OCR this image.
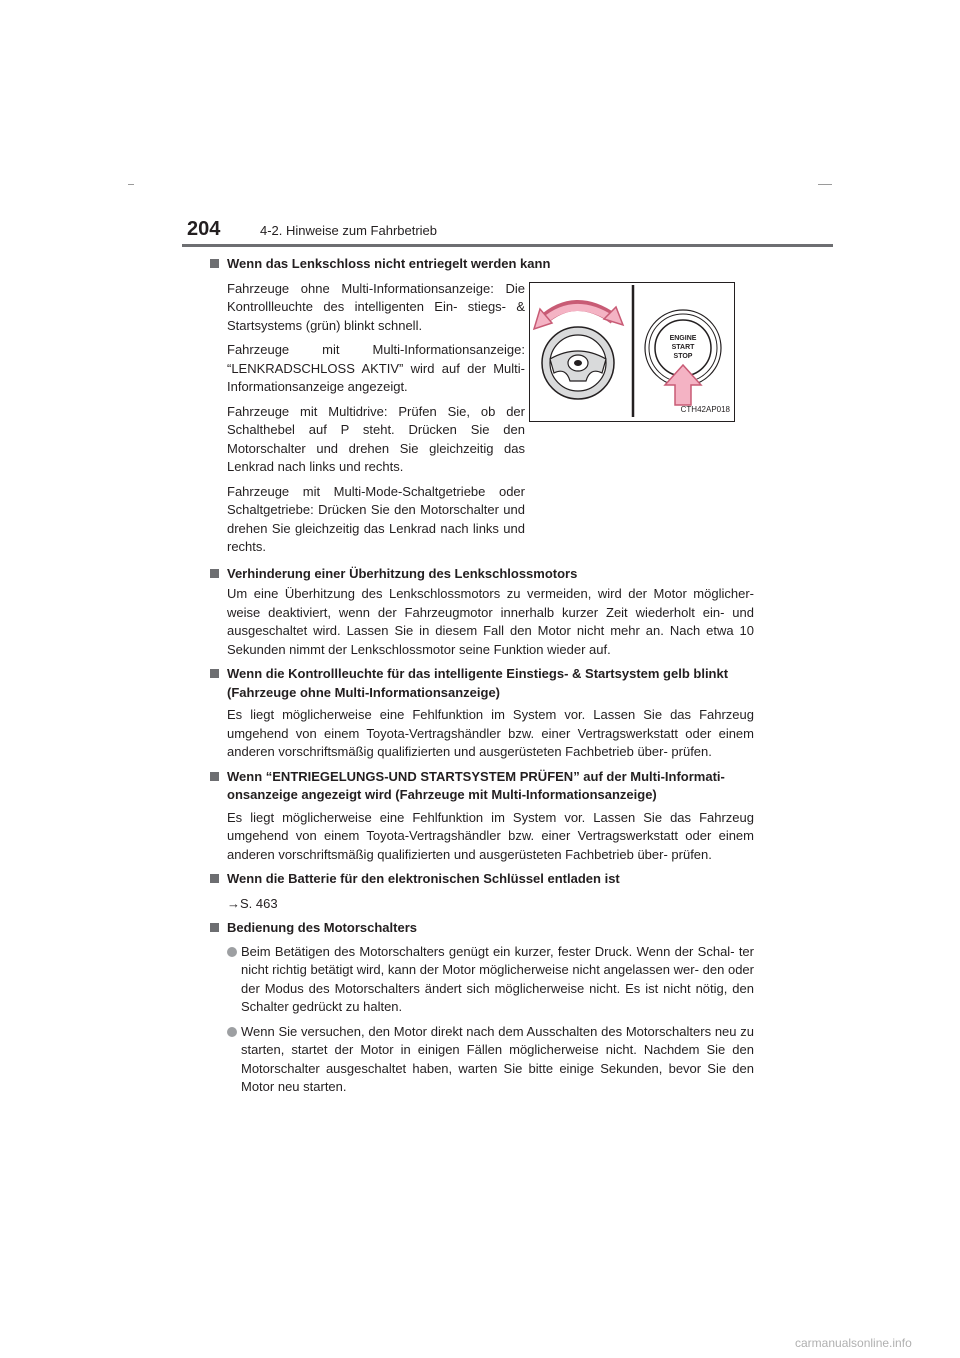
204	4-2. Hinweise zum Fahrbetrieb
Wenn das Lenkschloss nicht entriegelt werden kann

Fahrzeuge ohne Multi-Informationsanzeige: Die Kontrollleuchte des intelligenten Ein- stiegs- & Startsystems (grün) blinkt schnell.

Fahrzeuge mit Multi-Informationsanzeige: “LENKRADSCHLOSS AKTIV” wird auf der Multi-Informationsanzeige angezeigt.

Fahrzeuge mit Multidrive: Prüfen Sie, ob der Schalthebel auf P steht. Drücken Sie den Motorschalter und drehen Sie gleichzeitig das Lenkrad nach links und rechts.

Fahrzeuge mit Multi-Mode-Schaltgetriebe oder Schaltgetriebe: Drücken Sie den Motorschalter und drehen Sie gleichzeitig das Lenkrad nach links und rechts.

ENGINE
START
STOP
CTH42AP018
Verhinderung einer Überhitzung des Lenkschlossmotors

Um eine Überhitzung des Lenkschlossmotors zu vermeiden, wird der Motor möglicher- weise deaktiviert, wenn der Fahrzeugmotor innerhalb kurzer Zeit wiederholt ein- und ausgeschaltet wird. Lassen Sie in diesem Fall den Motor nicht mehr an. Nach etwa 10 Sekunden nimmt der Lenkschlossmotor seine Funktion wieder auf.

Wenn die Kontrollleuchte für das intelligente Einstiegs- & Startsystem gelb blinkt (Fahrzeuge ohne Multi-Informationsanzeige)

Es liegt möglicherweise eine Fehlfunktion im System vor. Lassen Sie das Fahrzeug umgehend von einem Toyota-Vertragshändler bzw. einer Vertragswerkstatt oder einem anderen vorschriftsmäßig qualifizierten und ausgerüsteten Fachbetrieb über- prüfen.

Wenn “ENTRIEGELUNGS-UND STARTSYSTEM PRÜFEN” auf der Multi-Informati- onsanzeige angezeigt wird (Fahrzeuge mit Multi-Informationsanzeige)

Es liegt möglicherweise eine Fehlfunktion im System vor. Lassen Sie das Fahrzeug umgehend von einem Toyota-Vertragshändler bzw. einer Vertragswerkstatt oder einem anderen vorschriftsmäßig qualifizierten und ausgerüsteten Fachbetrieb über- prüfen.

Wenn die Batterie für den elektronischen Schlüssel entladen ist

→S. 463

Bedienung des Motorschalters
Beim Betätigen des Motorschalters genügt ein kurzer, fester Druck. Wenn der Schal- ter nicht richtig betätigt wird, kann der Motor möglicherweise nicht angelassen wer- den oder der Modus des Motorschalters ändert sich möglicherweise nicht. Es ist nicht nötig, den Schalter gedrückt zu halten.
Wenn Sie versuchen, den Motor direkt nach dem Ausschalten des Motorschalters neu zu starten, startet der Motor in einigen Fällen möglicherweise nicht. Nachdem Sie den Motorschalter ausgeschaltet haben, warten Sie bitte einige Sekunden, bevor Sie den Motor neu starten.
carmanualsonline.info
